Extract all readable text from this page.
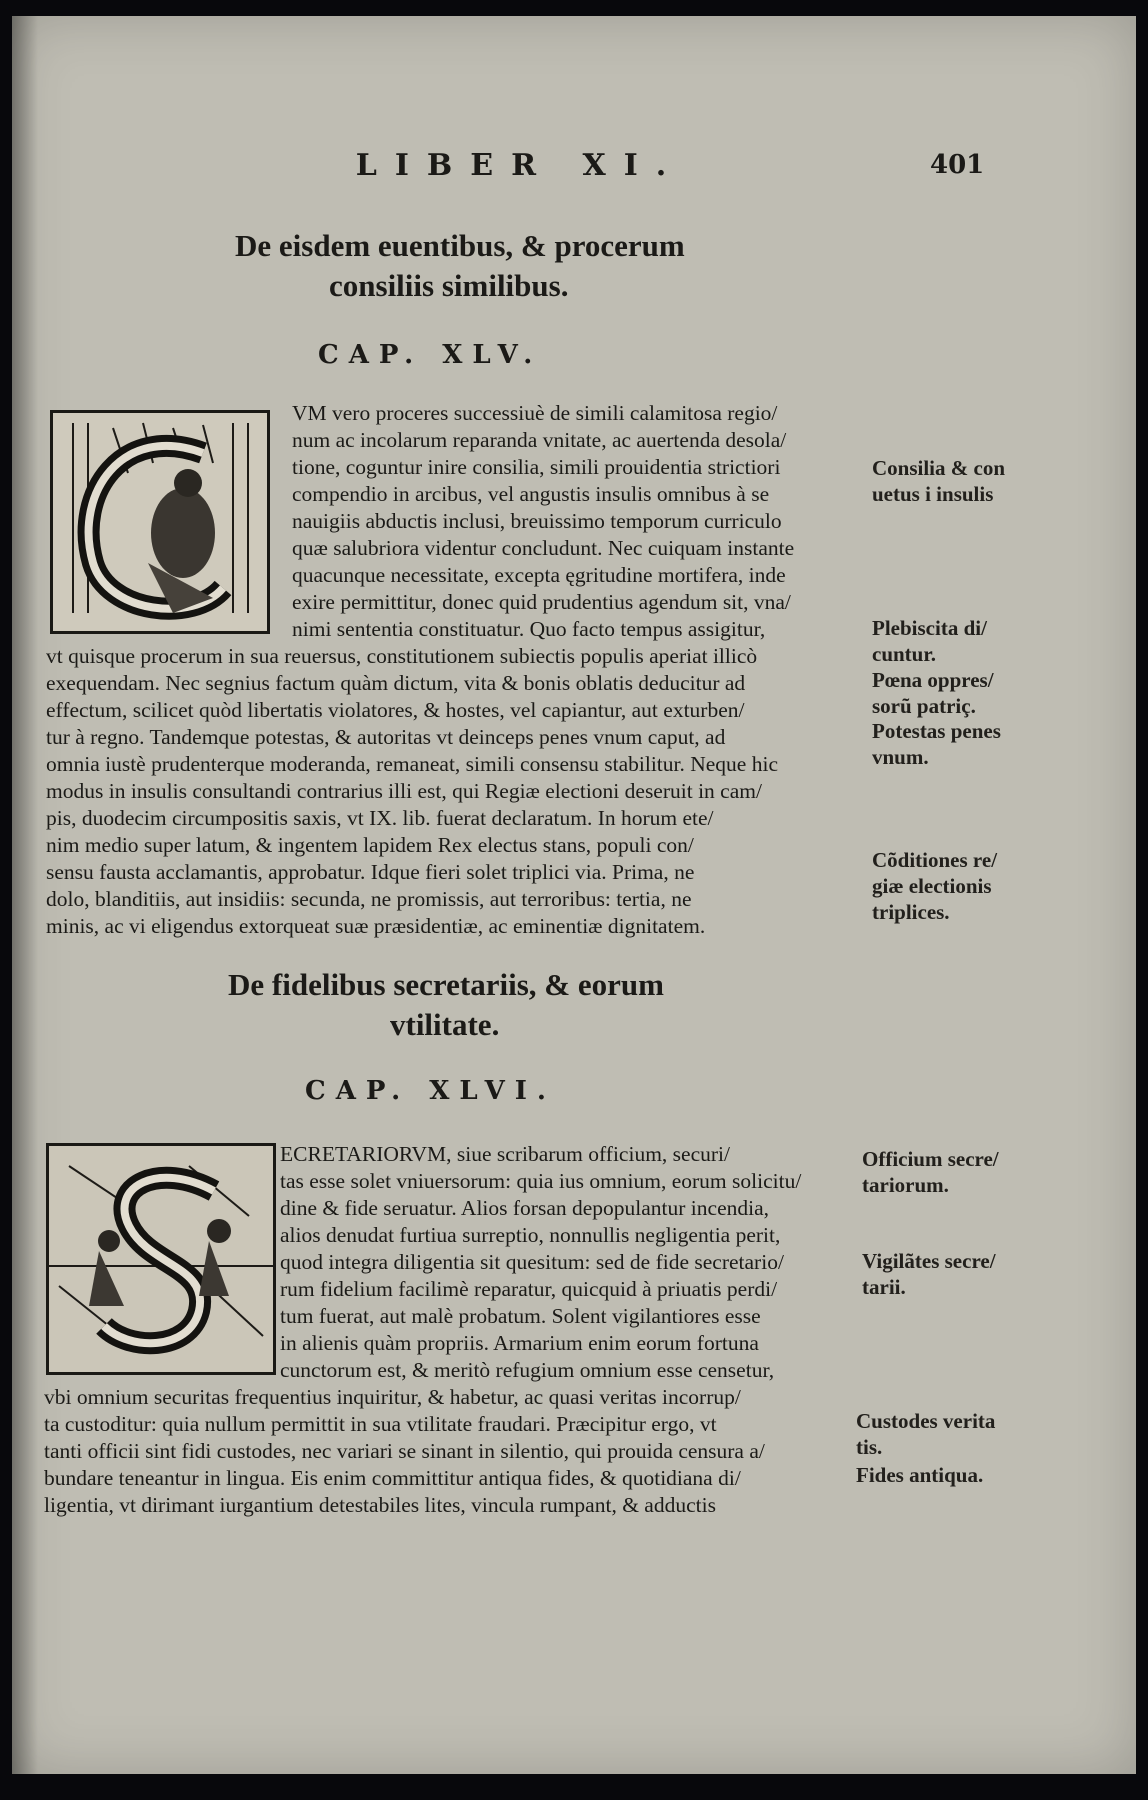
LIBER XI.	401
De eisdem euentibus, & procerum
consiliis similibus.
CAP. XLV.
VM vero proceres successiuè de simili calamitosa regio/
num ac incolarum reparanda vnitate, ac auertenda desola/
tione, coguntur inire consilia, simili prouidentia strictiori
compendio in arcibus, vel angustis insulis omnibus à se
nauigiis abductis inclusi, breuissimo temporum curriculo
quæ salubriora videntur concludunt. Nec cuiquam instante
quacunque necessitate, excepta ęgritudine mortifera, inde
exire permittitur, donec quid prudentius agendum sit, vna/
nimi sententia constituatur. Quo facto tempus assigitur,
vt quisque procerum in sua reuersus, constitutionem subiectis populis aperiat illicò
exequendam. Nec segnius factum quàm dictum, vita & bonis oblatis deducitur ad
effectum, scilicet quòd libertatis violatores, & hostes, vel capiantur, aut exturben/
tur à regno. Tandemque potestas, & autoritas vt deinceps penes vnum caput, ad
omnia iustè prudenterque moderanda, remaneat, simili consensu stabilitur. Neque hic
modus in insulis consultandi contrarius illi est, qui Regiæ electioni deseruit in cam/
pis, duodecim circumpositis saxis, vt IX. lib. fuerat declaratum. In horum ete/
nim medio super latum, & ingentem lapidem Rex electus stans, populi con/
sensu fausta acclamantis, approbatur. Idque fieri solet triplici via. Prima, ne
dolo, blanditiis, aut insidiis: secunda, ne promissis, aut terroribus: tertia, ne
minis, ac vi eligendus extorqueat suæ præsidentiæ, ac eminentiæ dignitatem.
Consilia & con uetus i insulis
Plebiscita di/ cuntur.
Pœna oppres/ sorũ patriç.
Potestas penes vnum.
Cõditiones re/ giæ electionis triplices.
De fidelibus secretariis, & eorum
vtilitate.
CAP. XLVI.
ECRETARIORVM, siue scribarum officium, securi/
tas esse solet vniuersorum: quia ius omnium, eorum solicitu/
dine & fide seruatur. Alios forsan depopulantur incendia,
alios denudat furtiua surreptio, nonnullis negligentia perit,
quod integra diligentia sit quesitum: sed de fide secretario/
rum fidelium facilimè reparatur, quicquid à priuatis perdi/
tum fuerat, aut malè probatum. Solent vigilantiores esse
in alienis quàm propriis. Armarium enim eorum fortuna
cunctorum est, & meritò refugium omnium esse censetur,
vbi omnium securitas frequentius inquiritur, & habetur, ac quasi veritas incorrup/
ta custoditur: quia nullum permittit in sua vtilitate fraudari. Præcipitur ergo, vt
tanti officii sint fidi custodes, nec variari se sinant in silentio, qui prouida censura a/
bundare teneantur in lingua. Eis enim committitur antiqua fides, & quotidiana di/
ligentia, vt dirimant iurgantium detestabiles lites, vincula rumpant, & adductis
Officium secre/ tariorum.
Vigilãtes secre/ tarii.
Custodes verita tis.
Fides antiqua.
